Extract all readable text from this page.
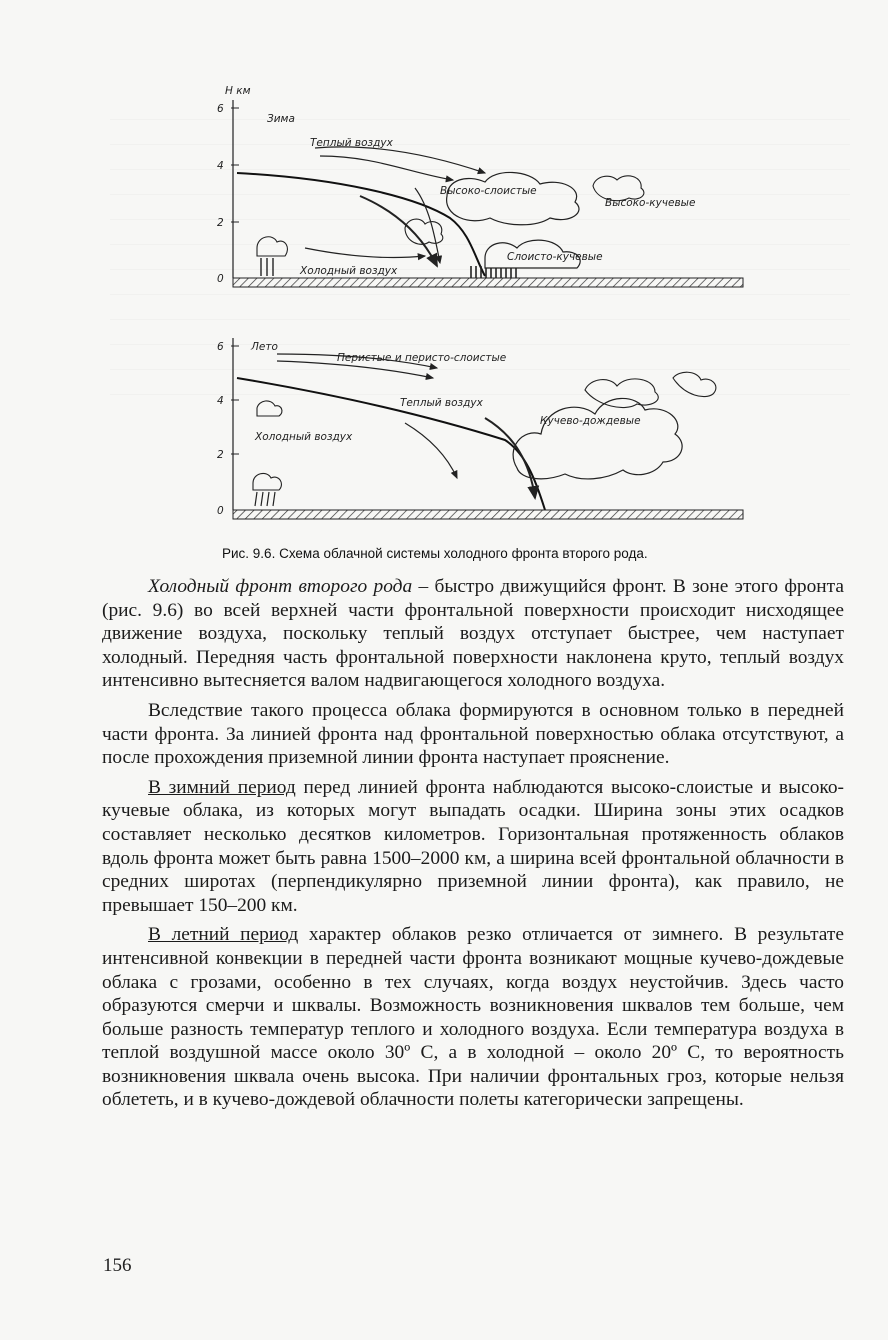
H км
6
4
2
0
Зима
Теплый воздух
Высоко-слоистые
Высоко-кучевые
Слоисто-кучевые
Холодный воздух
6
4
2
0
Лето
Перистые и перисто-слоистые
Теплый воздух
Кучево-дождевые
Холодный воздух
Рис. 9.6. Схема облачной системы холодного фронта второго рода.

Холодный фронт второго рода – быстро движущийся фронт. В зоне этого фронта (рис. 9.6) во всей верхней части фронтальной поверхности происходит нисходящее движение воздуха, поскольку теплый воздух отступает быстрее, чем наступает холодный. Передняя часть фронтальной поверхности наклонена круто, теплый воздух интенсивно вытесняется валом надвигающегося холодного воздуха.

Вследствие такого процесса облака формируются в основном только в передней части фронта. За линией фронта над фронтальной поверхностью облака отсутствуют, а после прохождения приземной линии фронта наступает прояснение.

В зимний период перед линией фронта наблюдаются высоко-слоистые и высоко-кучевые облака, из которых могут выпадать осадки. Ширина зоны этих осадков составляет несколько десятков километров. Горизонтальная протяженность облаков вдоль фронта может быть равна 1500–2000 км, а ширина всей фронтальной облачности в средних широтах (перпендикулярно приземной линии фронта), как правило, не превышает 150–200 км.

В летний период характер облаков резко отличается от зимнего. В результате интенсивной конвекции в передней части фронта возникают мощные кучево-дождевые облака с грозами, особенно в тех случаях, когда воздух неустойчив. Здесь часто образуются смерчи и шквалы. Возможность возникновения шквалов тем больше, чем больше разность температур теплого и холодного воздуха. Если температура воздуха в теплой воздушной массе около 30º С, а в холодной – около 20º С, то вероятность возникновения шквала очень высока. При наличии фронтальных гроз, которые нельзя облететь, и в кучево-дождевой облачности полеты категорически запрещены.

156
